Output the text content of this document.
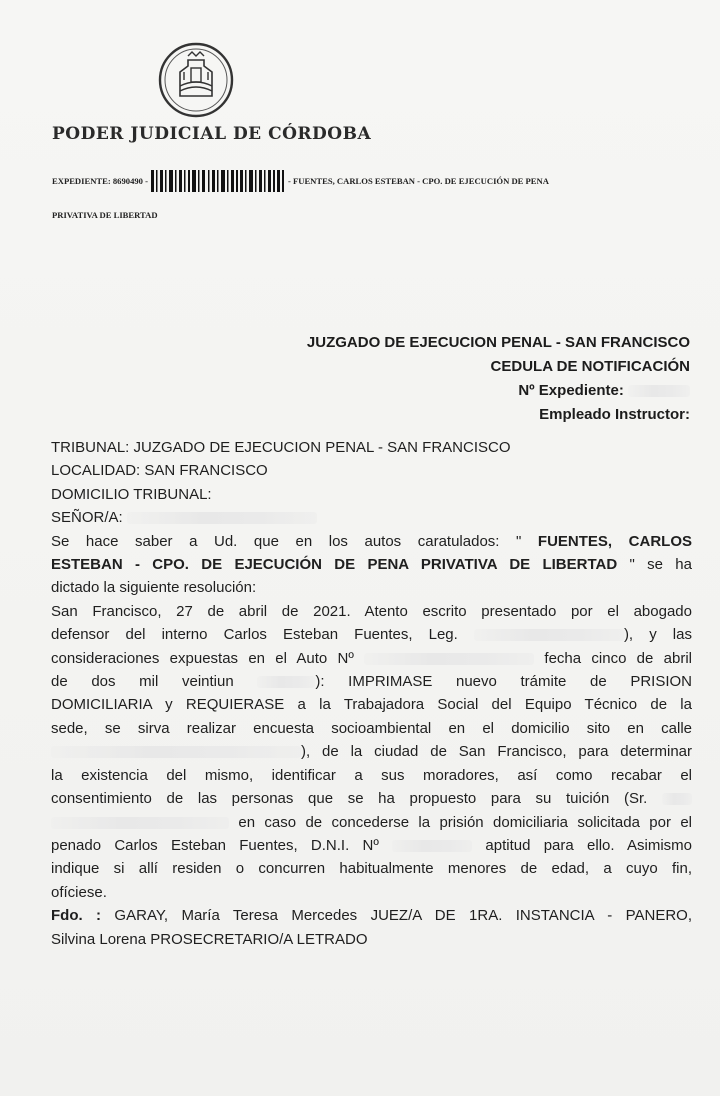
PODER JUDICIAL DE CÓRDOBA
EXPEDIENTE: 8690490 -	- FUENTES, CARLOS ESTEBAN - CPO. DE EJECUCIÓN DE PENA
PRIVATIVA DE LIBERTAD
JUZGADO DE EJECUCION PENAL - SAN FRANCISCO
CEDULA DE NOTIFICACIÓN
Nº Expediente:
Empleado Instructor:

TRIBUNAL: JUZGADO DE EJECUCION PENAL - SAN FRANCISCO

LOCALIDAD: SAN FRANCISCO

DOMICILIO TRIBUNAL:

SEÑOR/A:

Se hace saber a Ud. que en los autos caratulados: " FUENTES, CARLOS

ESTEBAN - CPO. DE EJECUCIÓN DE PENA PRIVATIVA DE LIBERTAD " se ha

dictado la siguiente resolución:

San Francisco, 27 de abril de 2021. Atento escrito presentado por el abogado

defensor del interno Carlos Esteban Fuentes, Leg.	), y las

consideraciones expuestas en el Auto Nº	fecha cinco de abril

de dos mil veintiun	): IMPRIMASE nuevo trámite de PRISION

DOMICILIARIA y REQUIERASE a la Trabajadora Social del Equipo Técnico de la

sede, se sirva realizar encuesta socioambiental en el domicilio sito en calle

), de la ciudad de San Francisco, para determinar

la existencia del mismo, identificar a sus moradores, así como recabar el

consentimiento de las personas que se ha propuesto para su tuición (Sr.

en caso de concederse la prisión domiciliaria solicitada por el

penado Carlos Esteban Fuentes, D.N.I. Nº	aptitud para ello. Asimismo

indique si allí residen o concurren habitualmente menores de edad, a cuyo fin,

ofíciese.

Fdo. : GARAY, María Teresa Mercedes JUEZ/A DE 1RA. INSTANCIA - PANERO,

Silvina Lorena PROSECRETARIO/A LETRADO
